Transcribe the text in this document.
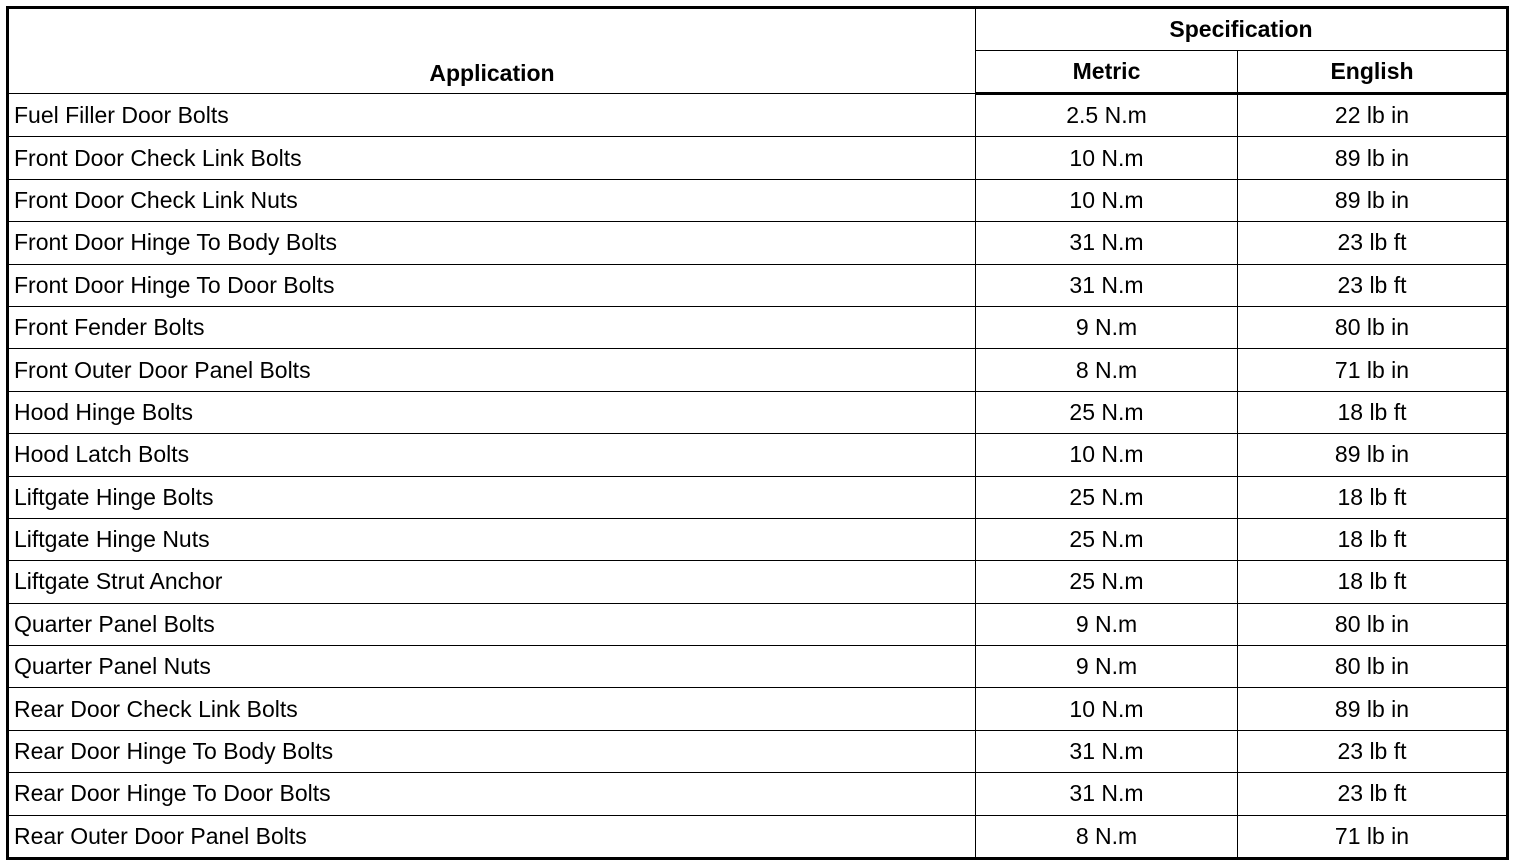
Application	Specification	
	Metric	English
Fuel Filler Door Bolts	2.5 N.m	22 lb in
Front Door Check Link Bolts	10 N.m	89 lb in
Front Door Check Link Nuts	10 N.m	89 lb in
Front Door Hinge To Body Bolts	31 N.m	23 lb ft
Front Door Hinge To Door Bolts	31 N.m	23 lb ft
Front Fender Bolts	9 N.m	80 lb in
Front Outer Door Panel Bolts	8 N.m	71 lb in
Hood Hinge Bolts	25 N.m	18 lb ft
Hood Latch Bolts	10 N.m	89 lb in
Liftgate Hinge Bolts	25 N.m	18 lb ft
Liftgate Hinge Nuts	25 N.m	18 lb ft
Liftgate Strut Anchor	25 N.m	18 lb ft
Quarter Panel Bolts	9 N.m	80 lb in
Quarter Panel Nuts	9 N.m	80 lb in
Rear Door Check Link Bolts	10 N.m	89 lb in
Rear Door Hinge To Body Bolts	31 N.m	23 lb ft
Rear Door Hinge To Door Bolts	31 N.m	23 lb ft
Rear Outer Door Panel Bolts	8 N.m	71 lb in
